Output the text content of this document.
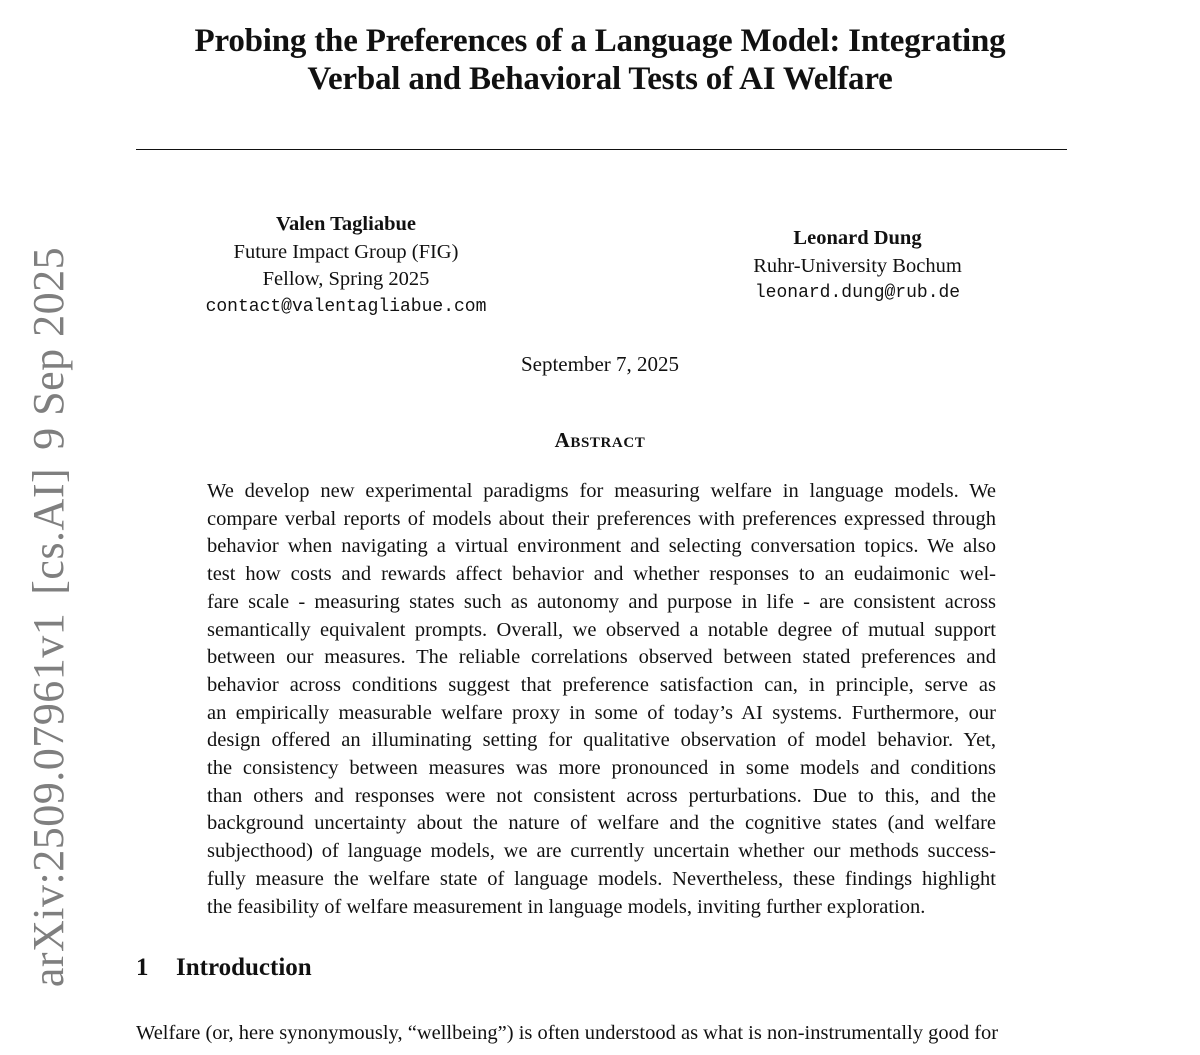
arXiv:2509.07961v1[cs.AI]9 Sep 2025
Probing the Preferences of a Language Model: Integrating
Verbal and Behavioral Tests of AI Welfare
Valen Tagliabue
Future Impact Group (FIG)
Fellow, Spring 2025
contact@valentagliabue.com
Leonard Dung
Ruhr-University Bochum
leonard.dung@rub.de
September 7, 2025
Abstract
We develop new experimental paradigms for measuring welfare in language models. We
compare verbal reports of models about their preferences with preferences expressed through
behavior when navigating a virtual environment and selecting conversation topics. We also
test how costs and rewards affect behavior and whether responses to an eudaimonic wel-
fare scale - measuring states such as autonomy and purpose in life - are consistent across
semantically equivalent prompts. Overall, we observed a notable degree of mutual support
between our measures. The reliable correlations observed between stated preferences and
behavior across conditions suggest that preference satisfaction can, in principle, serve as
an empirically measurable welfare proxy in some of today’s AI systems. Furthermore, our
design offered an illuminating setting for qualitative observation of model behavior. Yet,
the consistency between measures was more pronounced in some models and conditions
than others and responses were not consistent across perturbations. Due to this, and the
background uncertainty about the nature of welfare and the cognitive states (and welfare
subjecthood) of language models, we are currently uncertain whether our methods success-
fully measure the welfare state of language models. Nevertheless, these findings highlight
the feasibility of welfare measurement in language models, inviting further exploration.
1 Introduction
Welfare (or, here synonymously, “wellbeing”) is often understood as what is non-instrumentally good for
